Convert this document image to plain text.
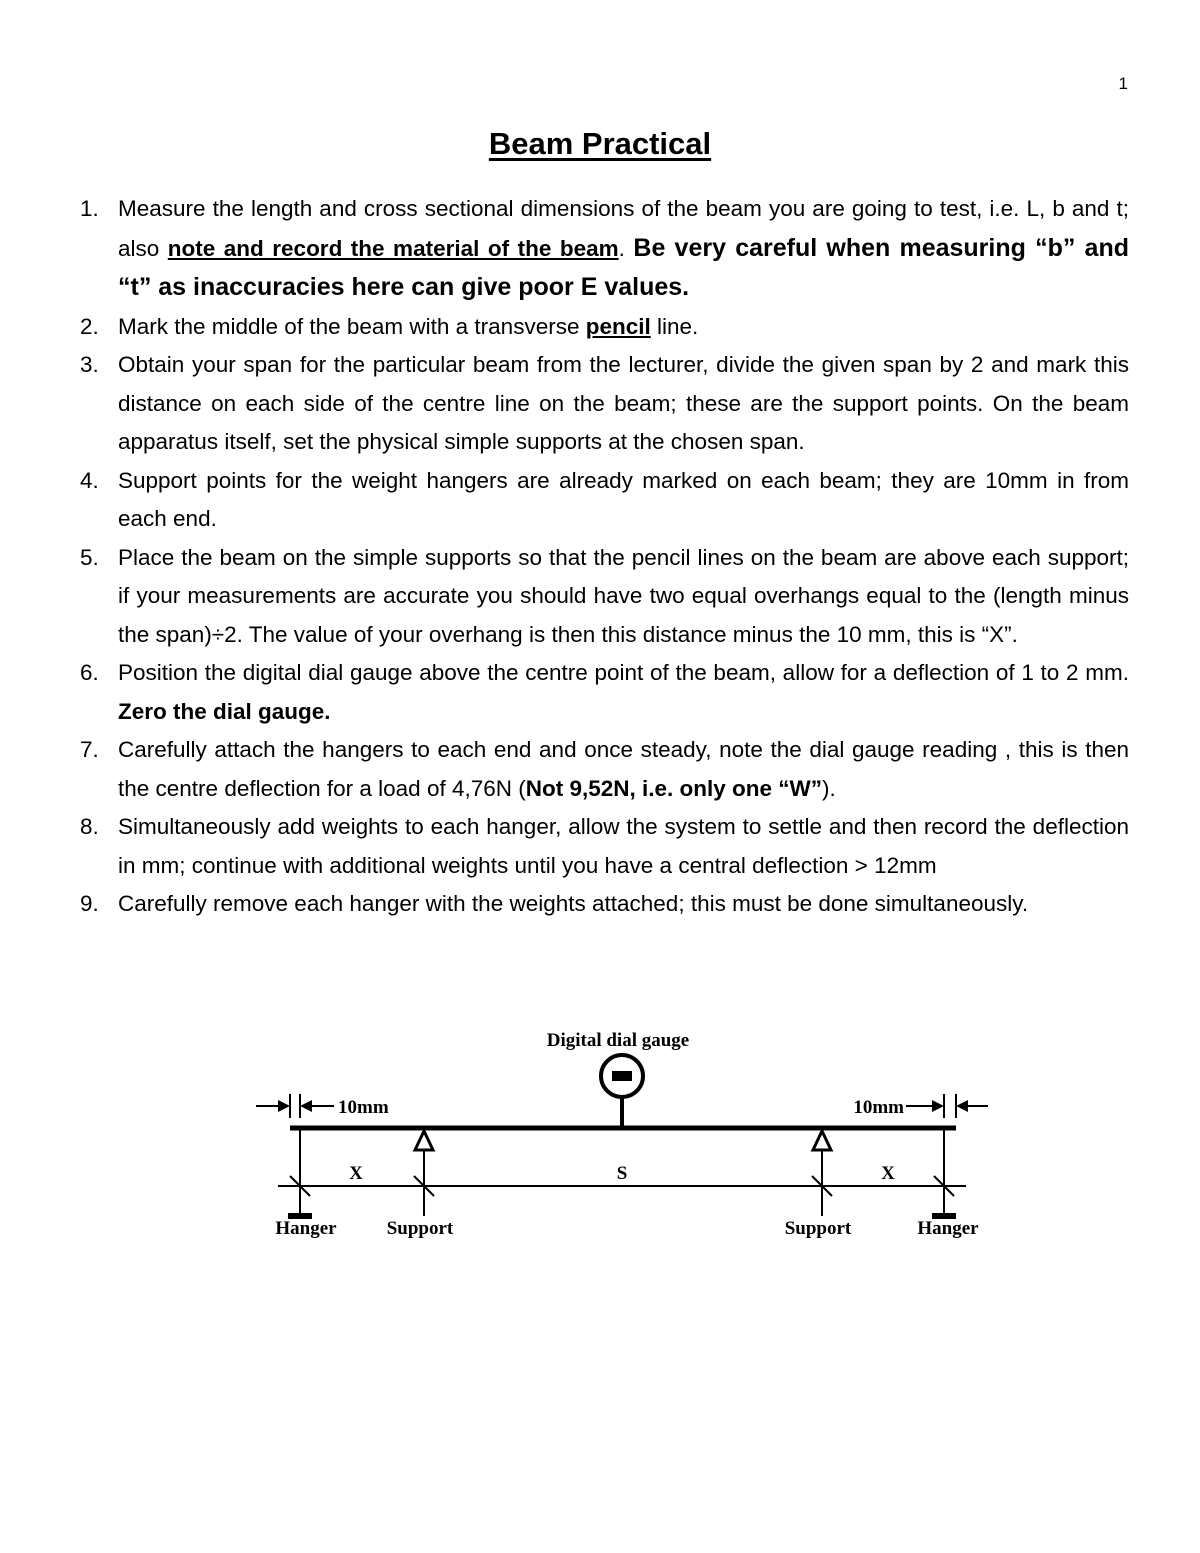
1
Beam Practical
1. Measure the length and cross sectional dimensions of the beam you are going to test, i.e. L, b and t; also note and record the material of the beam. Be very careful when measuring “b” and “t” as inaccuracies here can give poor E values.
2. Mark the middle of the beam with a transverse pencil line.
3. Obtain your span for the particular beam from the lecturer, divide the given span by 2 and mark this distance on each side of the centre line on the beam; these are the support points. On the beam apparatus itself, set the physical simple supports at the chosen span.
4. Support points for the weight hangers are already marked on each beam; they are 10mm in from each end.
5. Place the beam on the simple supports so that the pencil lines on the beam are above each support; if your measurements are accurate you should have two equal overhangs equal to the (length minus the span)÷2. The value of your overhang is then this distance minus the 10 mm, this is “X”.
6. Position the digital dial gauge above the centre point of the beam, allow for a deflection of 1 to 2 mm. Zero the dial gauge.
7. Carefully attach the hangers to each end and once steady, note the dial gauge reading , this is then the centre deflection for a load of 4,76N (Not 9,52N, i.e. only one “W”).
8. Simultaneously add weights to each hanger, allow the system to settle and then record the deflection in mm; continue with additional weights until you have a central deflection > 12mm
9. Carefully remove each hanger with the weights attached; this must be done simultaneously.
Digital dial gauge
10mm	10mm
X	S	X
Hanger	Support	Support	Hanger
